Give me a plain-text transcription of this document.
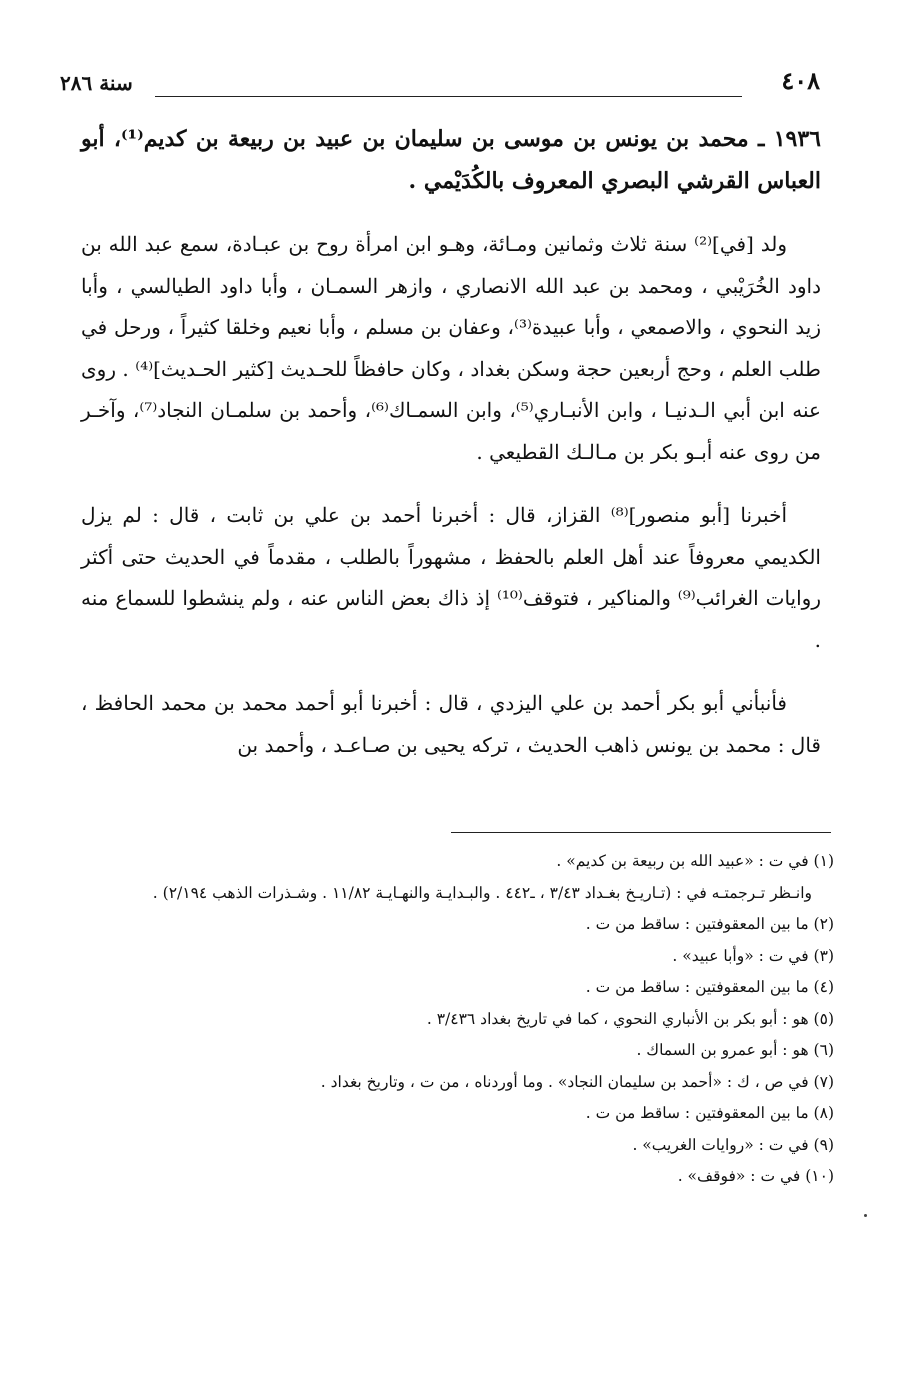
٤٠٨
سنة ٢٨٦

١٩٣٦ ـ محمد بن يونس بن موسى بن سليمان بن عبيد بن ربيعة بن كديم⁽¹⁾، أبو العباس القرشي البصري المعروف بالكُدَيْمي .

ولد [في]⁽²⁾ سنة ثلاث وثمانين ومـائة، وهـو ابن امرأة روح بن عبـادة، سمع عبد الله بن داود الخُرَيْبي ، ومحمد بن عبد الله الانصاري ، وازهر السمـان ، وأبا داود الطيالسي ، وأبا زيد النحوي ، والاصمعي ، وأبا عبيدة⁽³⁾، وعفان بن مسلم ، وأبا نعيم وخلقا كثيراً ، ورحل في طلب العلم ، وحج أربعين حجة وسكن بغداد ، وكان حافظاً للحـديث [كثير الحـديث]⁽⁴⁾ . روى عنه ابن أبي الـدنيـا ، وابن الأنبـاري⁽⁵⁾، وابن السمـاك⁽⁶⁾، وأحمد بن سلمـان النجاد⁽⁷⁾، وآخـر من روى عنه أبـو بكر بن مـالـك القطيعي .

أخبرنا [أبو منصور]⁽⁸⁾ القزاز، قال : أخبرنا أحمد بن علي بن ثابت ، قال : لم يزل الكديمي معروفاً عند أهل العلم بالحفظ ، مشهوراً بالطلب ، مقدماً في الحديث حتى أكثر روايات الغرائب⁽⁹⁾ والمناكير ، فتوقف⁽¹⁰⁾ إذ ذاك بعض الناس عنه ، ولم ينشطوا للسماع منه .

فأنبأني أبو بكر أحمد بن علي اليزدي ، قال : أخبرنا أبو أحمد محمد بن محمد الحافظ ، قال : محمد بن يونس ذاهب الحديث ، تركه يحيى بن صـاعـد ، وأحمد بن

(١) في ت : «عبيد الله بن ربيعة بن كديم» .

وانـظر تـرجمتـه في : (تـاريـخ بغـداد ٣/٤٣ ، ـ٤٤٢ . والبـدايـة والنهـايـة ١١/٨٢ . وشـذرات الذهب ٢/١٩٤) .

(٢) ما بين المعقوفتين : ساقط من ت .

(٣) في ت : «وأبا عبيد» .

(٤) ما بين المعقوفتين : ساقط من ت .

(٥) هو : أبو بكر بن الأنباري النحوي ، كما في تاريخ بغداد ٣/٤٣٦ .

(٦) هو : أبو عمرو بن السماك .

(٧) في ص ، ك : «أحمد بن سليمان النجاد» . وما أوردناه ، من ت ، وتاريخ بغداد .

(٨) ما بين المعقوفتين : ساقط من ت .

(٩) في ت : «روايات الغريب» .

(١٠) في ت : «فوقف» .
